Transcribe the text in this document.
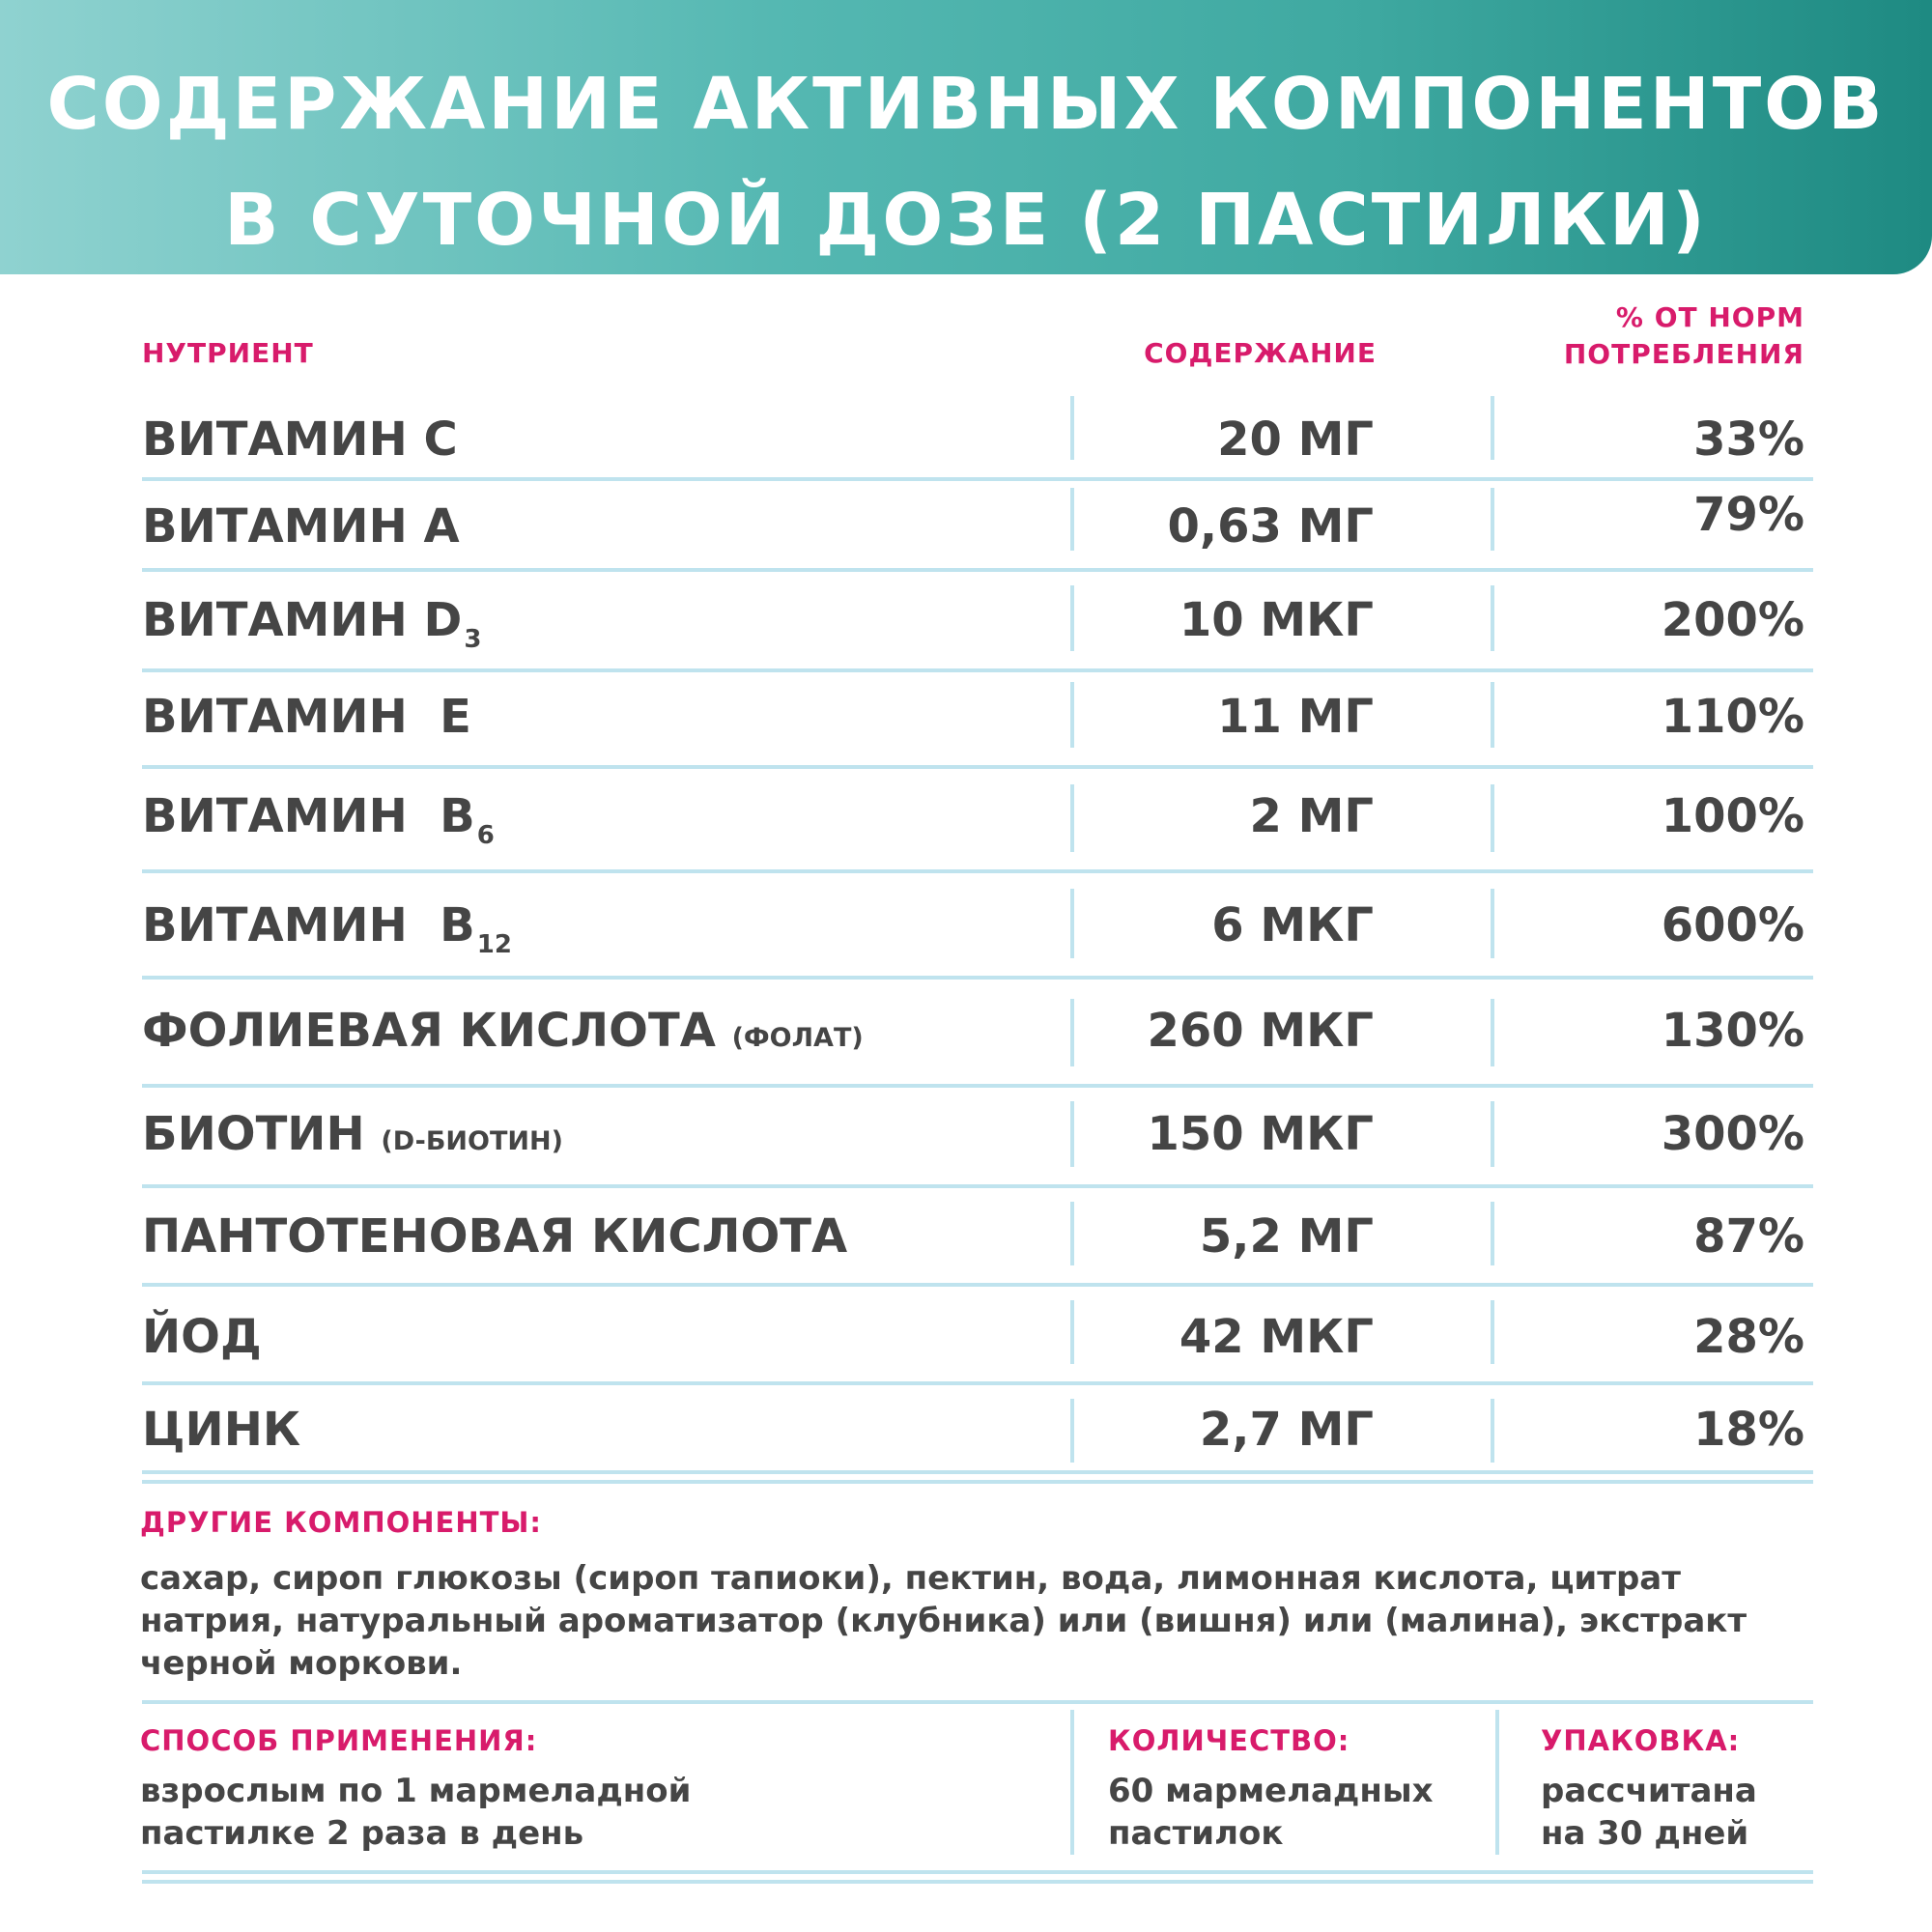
СОДЕРЖАНИЕ АКТИВНЫХ КОМПОНЕНТОВ
В СУТОЧНОЙ ДОЗЕ (2 ПАСТИЛКИ)
НУТРИЕНТ	СОДЕРЖАНИЕ
% ОТ НОРМ
ПОТРЕБЛЕНИЯ
ВИТАМИН С	20 МГ	33%
ВИТАМИН А	0,63 МГ	79%
ВИТАМИН $D_3$	10 МКГ	200%
ВИТАМИН  Е	11 МГ	110%
ВИТАМИН  $В_6$	2 МГ	100%
ВИТАМИН  $В_{12}$	6 МКГ	600%
ФОЛИЕВАЯ КИСЛОТА (ФОЛАТ)	260 МКГ	130%
БИОТИН (D-БИОТИН)	150 МКГ	300%
ПАНТОТЕНОВАЯ КИСЛОТА	5,2 МГ	87%
ЙОД	42 МКГ	28%
ЦИНК	2,7 МГ	18%
ДРУГИЕ КОМПОНЕНТЫ:
сахар, сироп глюкозы (сироп тапиоки), пектин, вода, лимонная кислота, цитрат
натрия, натуральный ароматизатор (клубника) или (вишня) или (малина), экстракт
черной моркови.
СПОСОБ ПРИМЕНЕНИЯ:
взрослым по 1 мармеладной
пастилке 2 раза в день
КОЛИЧЕСТВО:
60 мармеладных
пастилок
УПАКОВКА:
рассчитана
на 30 дней
